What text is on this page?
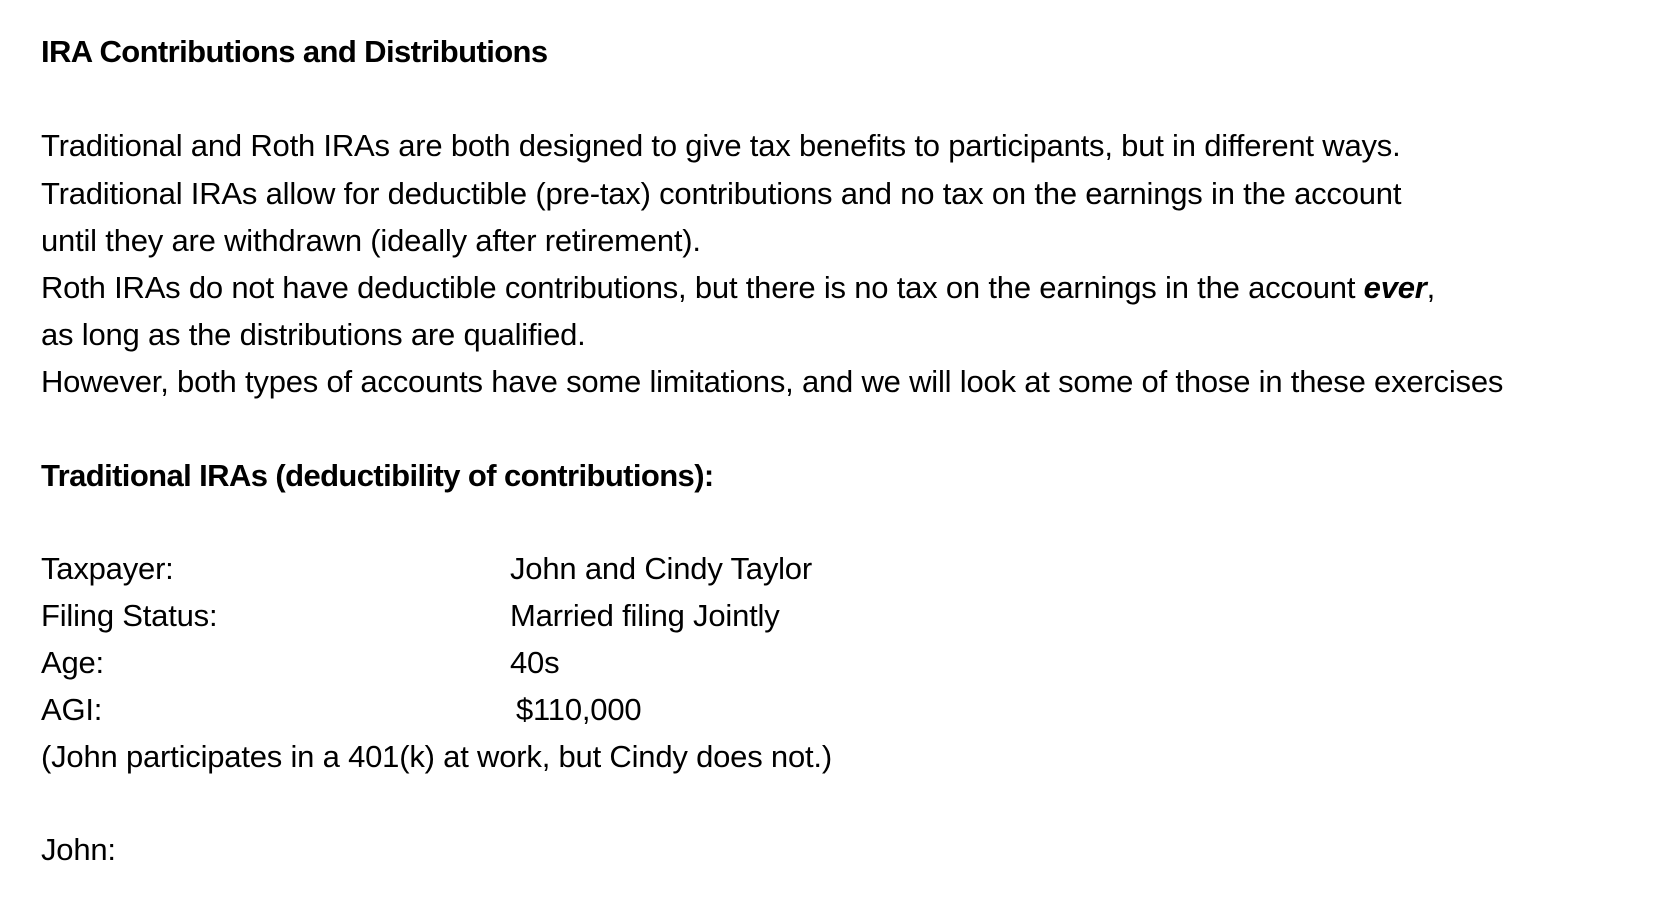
IRA Contributions and Distributions
Traditional and Roth IRAs are both designed to give tax benefits to participants, but in different ways.
Traditional IRAs allow for deductible (pre-tax) contributions and no tax on the earnings in the account
until they are withdrawn (ideally after retirement).
Roth IRAs do not have deductible contributions, but there is no tax on the earnings in the account ever,
as long as the distributions are qualified.
However, both types of accounts have some limitations, and we will look at some of those in these exercises
Traditional IRAs (deductibility of contributions):
Taxpayer:	John and Cindy Taylor
Filing Status:	Married filing Jointly
Age:	40s
AGI:	$110,000
(John participates in a 401(k) at work, but Cindy does not.)
John:
